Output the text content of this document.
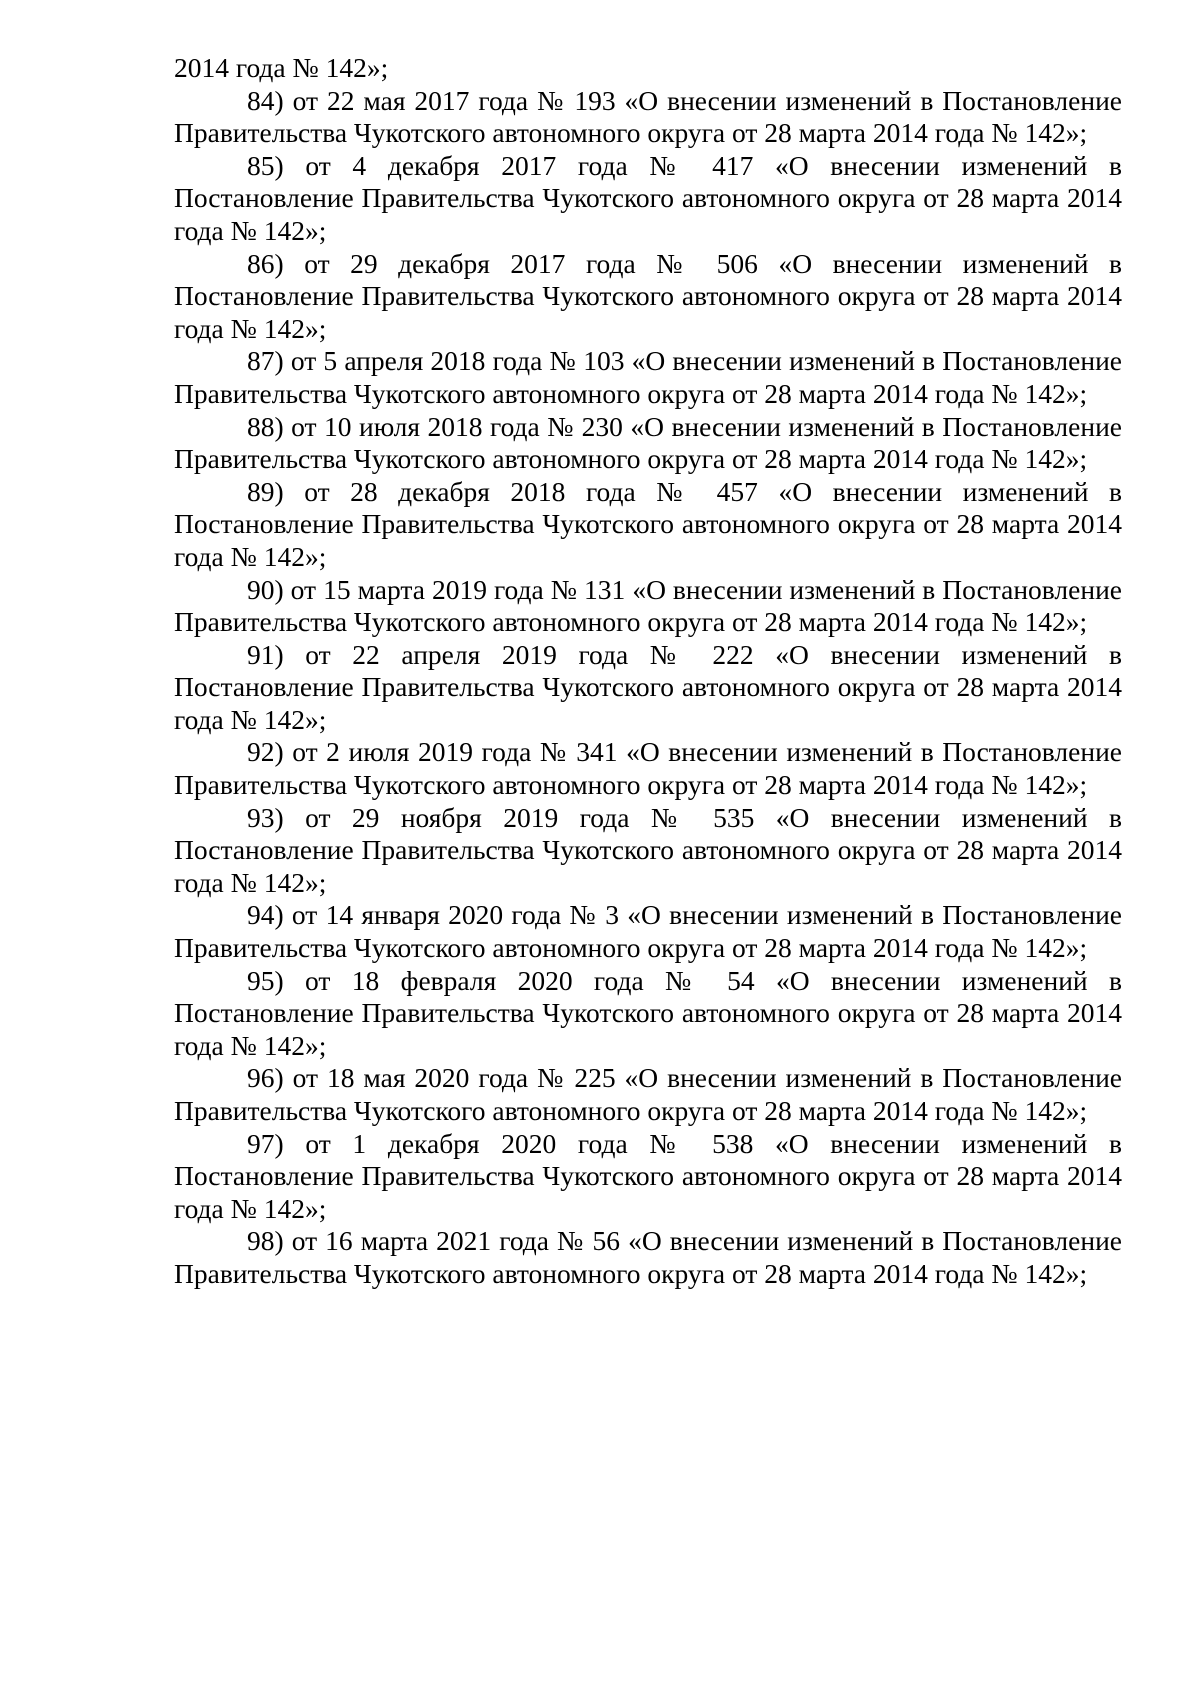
2014 года № 142»;

84) от 22 мая 2017 года № 193 «О внесении изменений в Постановление Правительства Чукотского автономного округа от 28 марта 2014 года № 142»;

85) от 4 декабря 2017 года № 417 «О внесении изменений в Постановление Правительства Чукотского автономного округа от 28 марта 2014 года № 142»;

86) от 29 декабря 2017 года № 506 «О внесении изменений в Постановление Правительства Чукотского автономного округа от 28 марта 2014 года № 142»;

87) от 5 апреля 2018 года № 103 «О внесении изменений в Постановление Правительства Чукотского автономного округа от 28 марта 2014 года № 142»;

88) от 10 июля 2018 года № 230 «О внесении изменений в Постановление Правительства Чукотского автономного округа от 28 марта 2014 года № 142»;

89) от 28 декабря 2018 года № 457 «О внесении изменений в Постановление Правительства Чукотского автономного округа от 28 марта 2014 года № 142»;

90) от 15 марта 2019 года № 131 «О внесении изменений в Постановление Правительства Чукотского автономного округа от 28 марта 2014 года № 142»;

91) от 22 апреля 2019 года № 222 «О внесении изменений в Постановление Правительства Чукотского автономного округа от 28 марта 2014 года № 142»;

92) от 2 июля 2019 года № 341 «О внесении изменений в Постановление Правительства Чукотского автономного округа от 28 марта 2014 года № 142»;

93) от 29 ноября 2019 года № 535 «О внесении изменений в Постановление Правительства Чукотского автономного округа от 28 марта 2014 года № 142»;

94) от 14 января 2020 года № 3 «О внесении изменений в Постановление Правительства Чукотского автономного округа от 28 марта 2014 года № 142»;

95) от 18 февраля 2020 года № 54 «О внесении изменений в Постановление Правительства Чукотского автономного округа от 28 марта 2014 года № 142»;

96) от 18 мая 2020 года № 225 «О внесении изменений в Постановление Правительства Чукотского автономного округа от 28 марта 2014 года № 142»;

97) от 1 декабря 2020 года № 538 «О внесении изменений в Постановление Правительства Чукотского автономного округа от 28 марта 2014 года № 142»;

98) от 16 марта 2021 года № 56 «О внесении изменений в Постановление Правительства Чукотского автономного округа от 28 марта 2014 года № 142»;
